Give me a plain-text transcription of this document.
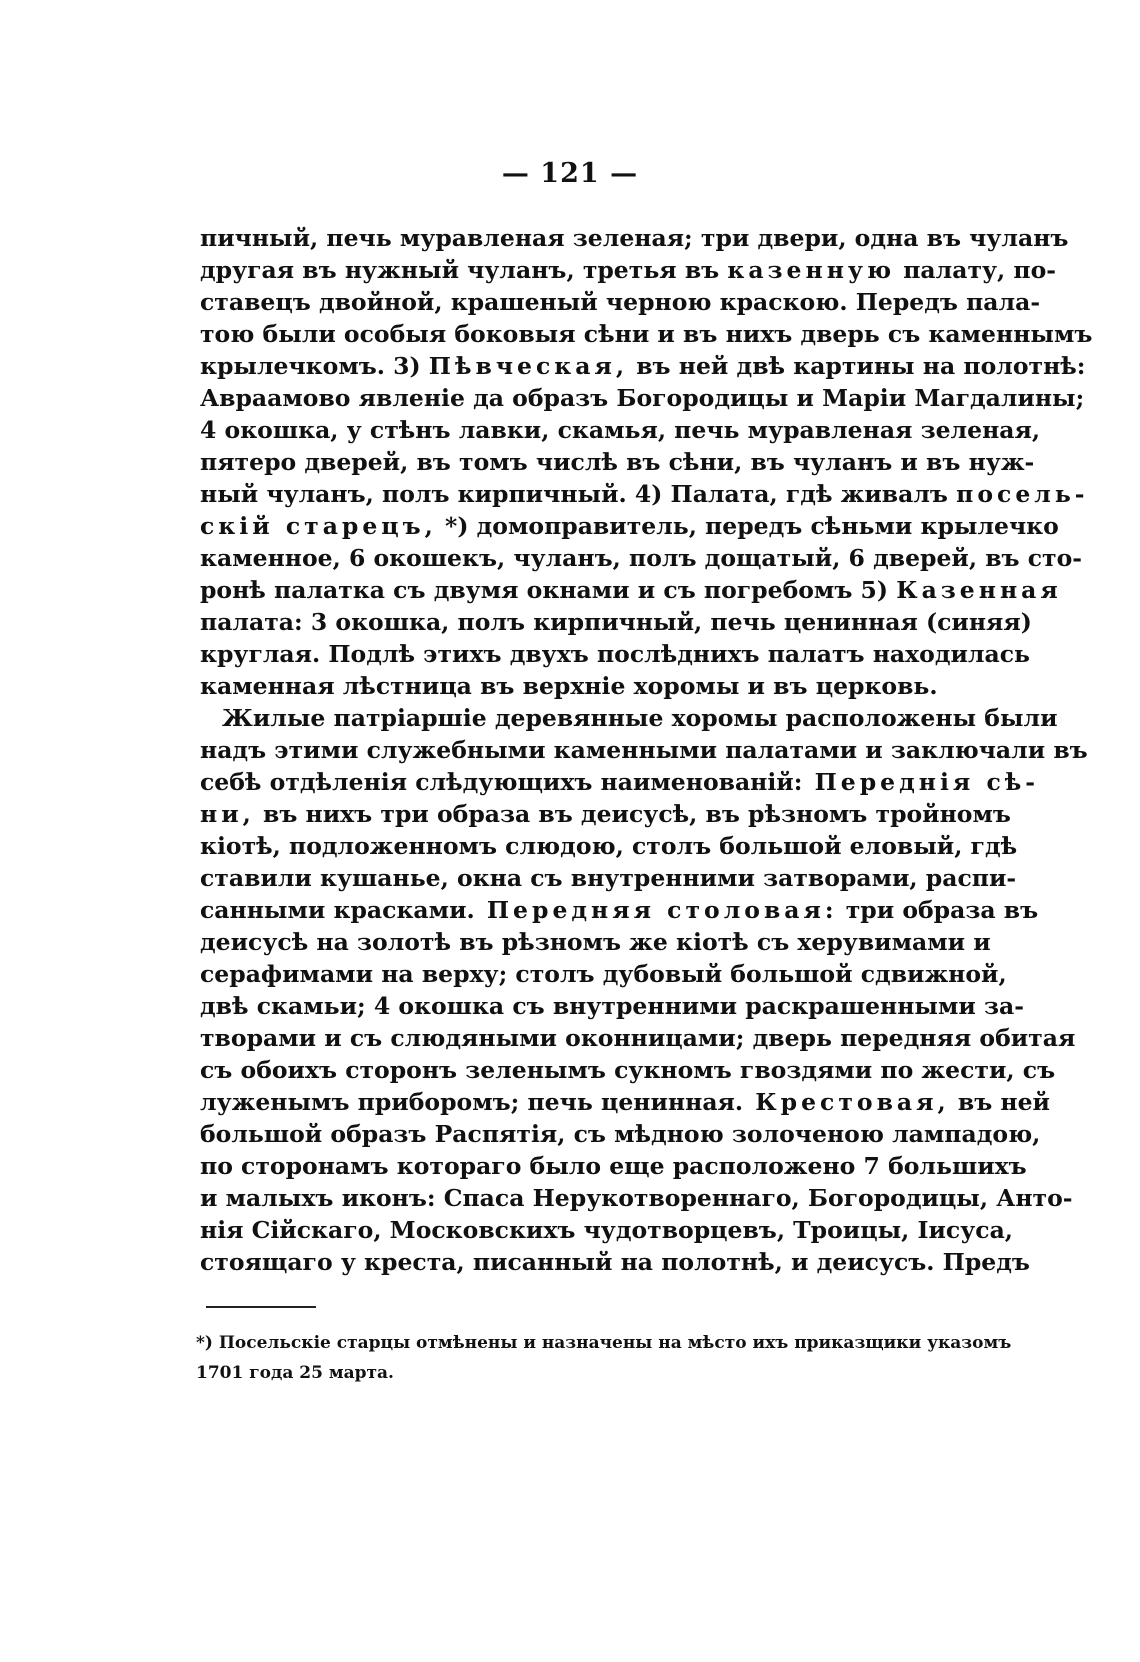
— 121 —
пичный, печь муравленая зеленая; три двери, одна въ чуланъ
другая въ нужный чуланъ, третья въ казенную палату, по-
ставецъ двойной, крашеный черною краскою. Передъ пала-
тою были особыя боковыя сѣни и въ нихъ дверь съ каменнымъ
крылечкомъ. 3) Пѣвческая, въ ней двѣ картины на полотнѣ:
Авраамово явленіе да образъ Богородицы и Маріи Магдалины;
4 окошка, у стѣнъ лавки, скамья, печь муравленая зеленая,
пятеро дверей, въ томъ числѣ въ сѣни, въ чуланъ и въ нуж-
ный чуланъ, полъ кирпичный. 4) Палата, гдѣ живалъ посель-
скій старецъ, *) домоправитель, передъ сѣньми крылечко
каменное, 6 окошекъ, чуланъ, полъ дощатый, 6 дверей, въ сто-
ронѣ палатка съ двумя окнами и съ погребомъ 5) Казенная
палата: 3 окошка, полъ кирпичный, печь ценинная (синяя)
круглая. Подлѣ этихъ двухъ послѣднихъ палатъ находилась
каменная лѣстница въ верхніе хоромы и въ церковь.
Жилые патріаршіе деревянные хоромы расположены были
надъ этими служебными каменными палатами и заключали въ
себѣ отдѣленія слѣдующихъ наименованій: Переднія сѣ-
ни, въ нихъ три образа въ деисусѣ, въ рѣзномъ тройномъ
кіотѣ, подложенномъ слюдою, столъ большой еловый, гдѣ
ставили кушанье, окна съ внутренними затворами, распи-
санными красками. Передняя столовая: три образа въ
деисусѣ на золотѣ въ рѣзномъ же кіотѣ съ херувимами и
серафимами на верху; столъ дубовый большой сдвижной,
двѣ скамьи; 4 окошка съ внутренними раскрашенными за-
творами и съ слюдяными оконницами; дверь передняя обитая
съ обоихъ сторонъ зеленымъ сукномъ гвоздями по жести, съ
луженымъ приборомъ; печь ценинная. Крестовая, въ ней
большой образъ Распятія, съ мѣдною золоченою лампадою,
по сторонамъ котораго было еще расположено 7 большихъ
и малыхъ иконъ: Спаса Нерукотвореннаго, Богородицы, Анто-
нія Сійскаго, Московскихъ чудотворцевъ, Троицы, Іисуса,
стоящаго у креста, писанный на полотнѣ, и деисусъ. Предъ
*) Посельскіе старцы отмѣнены и назначены на мѣсто ихъ приказщики указомъ
1701 года 25 марта.
